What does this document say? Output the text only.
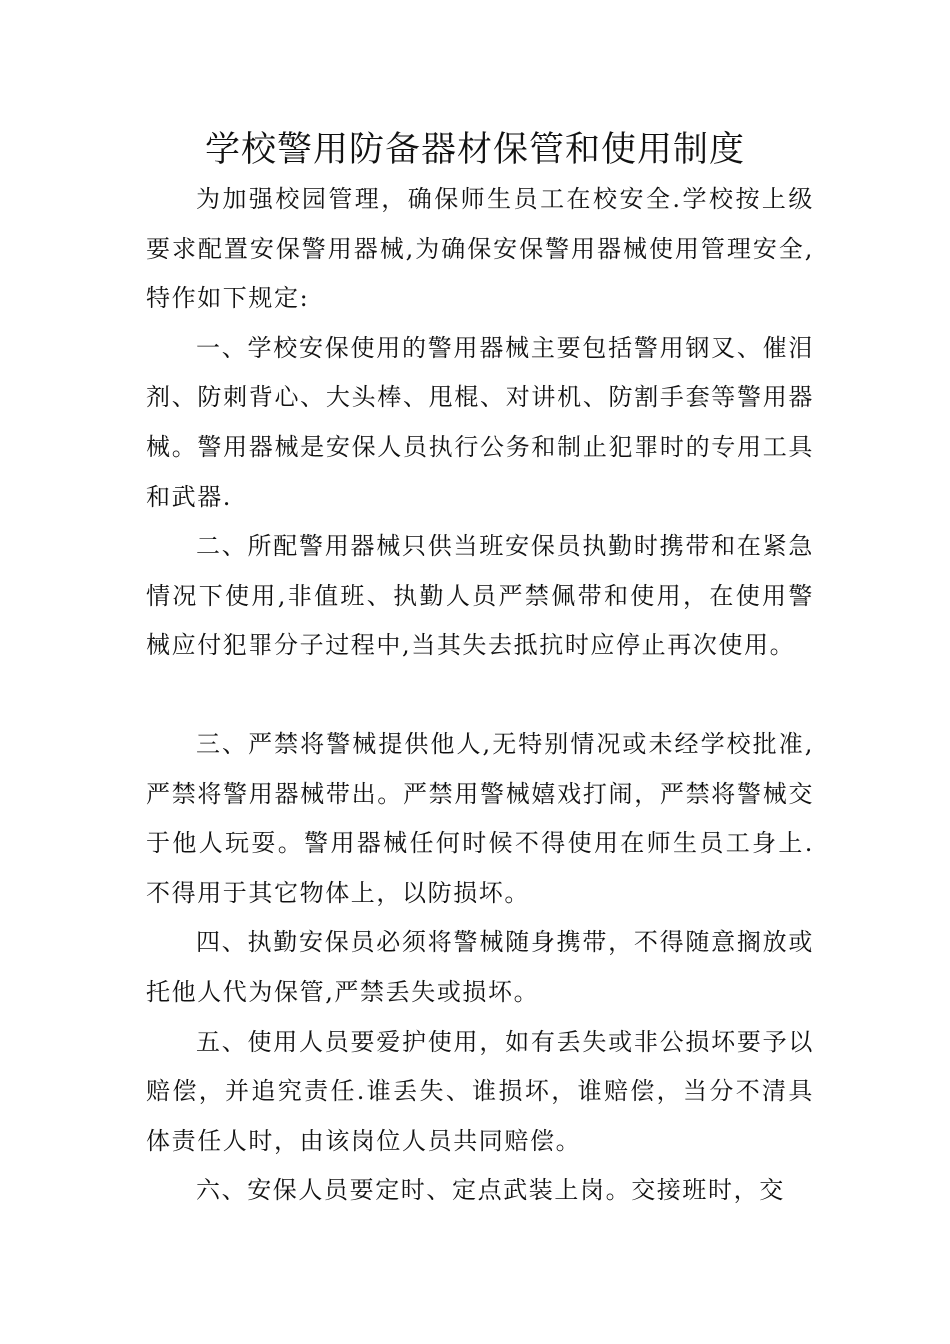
学校警用防备器材保管和使用制度

为加强校园管理，确保师生员工在校安全.学校按上级要求配置安保警用器械,为确保安保警用器械使用管理安全,特作如下规定:

一、学校安保使用的警用器械主要包括警用钢叉、催泪剂、防刺背心、大头棒、甩棍、对讲机、防割手套等警用器械。警用器械是安保人员执行公务和制止犯罪时的专用工具和武器.

二、所配警用器械只供当班安保员执勤时携带和在紧急情况下使用,非值班、执勤人员严禁佩带和使用，在使用警械应付犯罪分子过程中,当其失去抵抗时应停止再次使用。

三、严禁将警械提供他人,无特别情况或未经学校批准,严禁将警用器械带出。严禁用警械嬉戏打闹，严禁将警械交于他人玩耍。警用器械任何时候不得使用在师生员工身上.不得用于其它物体上，以防损坏。

四、执勤安保员必须将警械随身携带，不得随意搁放或托他人代为保管,严禁丢失或损坏。

五、使用人员要爱护使用，如有丢失或非公损坏要予以赔偿，并追究责任.谁丢失、谁损坏，谁赔偿，当分不清具体责任人时，由该岗位人员共同赔偿。

六、安保人员要定时、定点武装上岗。交接班时，交
